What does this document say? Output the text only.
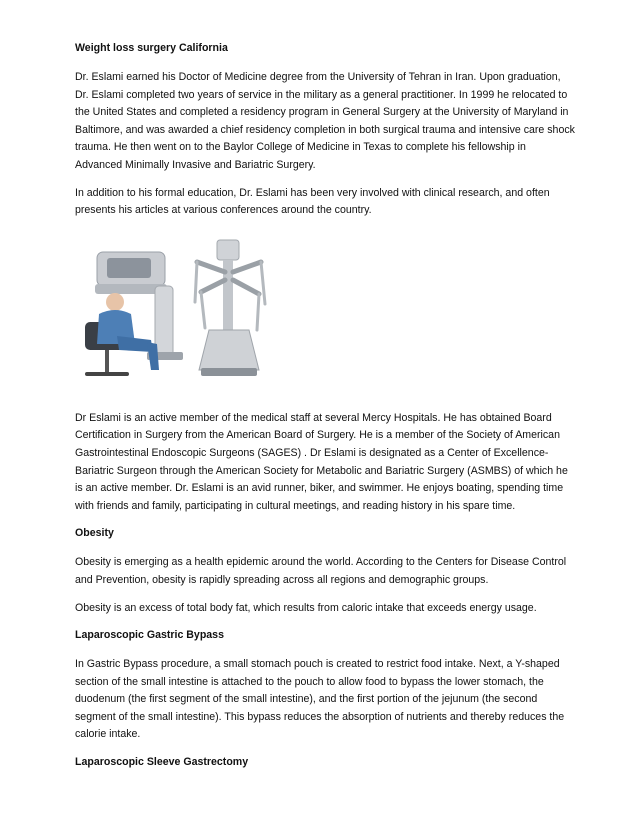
Weight loss surgery California

Dr. Eslami earned his Doctor of Medicine degree from the University of Tehran in Iran. Upon graduation, Dr. Eslami completed two years of service in the military as a general practitioner. In 1999 he relocated to the United States and completed a residency program in General Surgery at the University of Maryland in Baltimore, and was awarded a chief residency completion in both surgical trauma and intensive care shock trauma. He then went on to the Baylor College of Medicine in Texas to complete his fellowship in Advanced Minimally Invasive and Bariatric Surgery.

In addition to his formal education, Dr. Eslami has been very involved with clinical research, and often presents his articles at various conferences around the country.

Dr Eslami is an active member of the medical staff at several Mercy Hospitals. He has obtained Board Certification in Surgery from the American Board of Surgery. He is a member of the Society of American Gastrointestinal Endoscopic Surgeons (SAGES) . Dr Eslami is designated as a Center of Excellence-Bariatric Surgeon through the American Society for Metabolic and Bariatric Surgery (ASMBS) of which he is an active member. Dr. Eslami is an avid runner, biker, and swimmer. He enjoys boating, spending time with friends and family, participating in cultural meetings, and reading history in his spare time.

Obesity

Obesity is emerging as a health epidemic around the world. According to the Centers for Disease Control and Prevention, obesity is rapidly spreading across all regions and demographic groups.

Obesity is an excess of total body fat, which results from caloric intake that exceeds energy usage.

Laparoscopic Gastric Bypass

In Gastric Bypass procedure, a small stomach pouch is created to restrict food intake. Next, a Y-shaped section of the small intestine is attached to the pouch to allow food to bypass the lower stomach, the duodenum (the first segment of the small intestine), and the first portion of the jejunum (the second segment of the small intestine). This bypass reduces the absorption of nutrients and thereby reduces the calorie intake.

Laparoscopic Sleeve Gastrectomy
